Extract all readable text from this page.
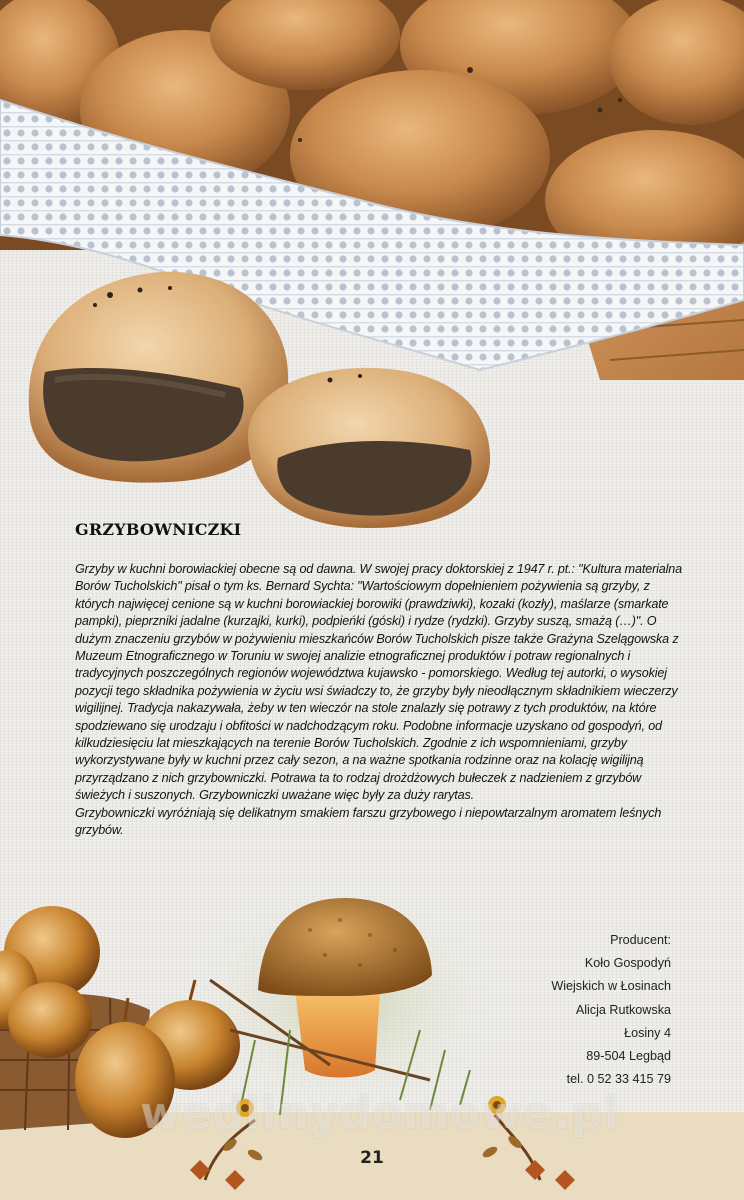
GRZYBOWNICZKI

Grzyby w kuchni borowiackiej obecne są od dawna. W swojej pracy doktorskiej z 1947 r. pt.: "Kultura materialna Borów Tucholskich" pisał o tym ks. Bernard Sychta: "Wartościowym dopełnieniem pożywienia są grzyby, z których najwięcej cenione są w kuchni borowiackiej borowiki (prawdziwki), kozaki (kozły), maślarze (smarkate pampki), pieprzniki jadalne (kurzajki, kurki), podpieńki (góski) i rydze (rydzki). Grzyby suszą, smażą (…)". O dużym znaczeniu grzybów w pożywieniu mieszkańców Borów Tucholskich pisze także Grażyna Szelągowska z Muzeum Etnograficznego w Toruniu w swojej analizie etnograficznej produktów i potraw regionalnych i tradycyjnych poszczególnych regionów województwa kujawsko - pomorskiego. Według tej autorki, o wysokiej pozycji tego składnika pożywienia w życiu wsi świadczy to, że grzyby były nieodłącznym składnikiem wieczerzy wigilijnej. Tradycja nakazywała, żeby w ten wieczór na stole znalazły się potrawy z tych produktów, na które spodziewano się urodzaju i obfitości w nadchodzącym roku. Podobne informacje uzyskano od gospodyń, od kilkudziesięciu lat mieszkających na terenie Borów Tucholskich. Zgodnie z ich wspomnieniami, grzyby wykorzystywane były w kuchni przez cały sezon, a na ważne spotkania rodzinne oraz na kolację wigilijną przyrządzano z nich grzybowniczki. Potrawa ta to rodzaj drożdżowych bułeczek z nadzieniem z grzybów świeżych i suszonych. Grzybowniczki uważane więc były za duży rarytas.

Grzybowniczki wyróżniają się delikatnym smakiem farszu grzybowego i niepowtarzalnym aromatem leśnych grzybów.

Producent:
Koło Gospodyń
Wiejskich w Łosinach
Alicja Rutkowska
Łosiny 4
89-504 Legbąd
tel. 0 52 33 415 79
wedlinydomowe.pl
21
